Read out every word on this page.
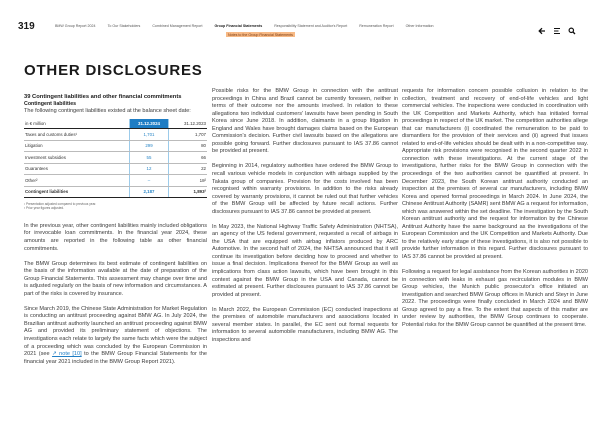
319	BMW Group Report 2024	To Our Stakeholders	Combined Management Report	Group Financial Statements	Responsibility Statement and Auditor's Report	Remuneration Report	Other Information
Notes to the Group Financial Statements
OTHER DISCLOSURES
39 Contingent liabilities and other financial commitments
Contingent liabilities

The following contingent liabilities existed at the balance sheet date:

in € million	31.12.2024	31.12.2023
Taxes and customs duties¹	1,701	1,707
Litigation	299	80
Investment subsidies	55	66
Guarantees	12	22
Other²	–	18²
Contingent liabilities	2,187	1,893²
¹ Presentation adjusted compared to previous year.
² Prior year figures adjusted.

In the previous year, other contingent liabilities mainly included obligations for irrevocable loan commitments. In the financial year 2024, these amounts are reported in the following table as other financial commitments.

The BMW Group determines its best estimate of contingent liabilities on the basis of the information available at the date of preparation of the Group Financial Statements. This assessment may change over time and is adjusted regularly on the basis of new information and circumstances. A part of the risks is covered by insurance.

Since March 2019, the Chinese State Administration for Market Regulation is conducting an antitrust proceeding against BMW AG. In July 2024, the Brazilian antitrust authority launched an antitrust proceeding against BMW AG and provided its preliminary statement of objections. The investigations each relate to largely the same facts which were the subject of a proceeding which was concluded by the European Commission in 2021 (see ↗ note [10] to the BMW Group Financial Statements for the financial year 2021 included in the BMW Group Report 2021).

Possible risks for the BMW Group in connection with the antitrust proceedings in China and Brazil cannot be currently foreseen, neither in terms of their outcome nor the amounts involved. In relation to these allegations two individual customers' lawsuits have been pending in South Korea since June 2018. In addition, claimants in a group litigation in England and Wales have brought damages claims based on the European Commission's decision. Further civil lawsuits based on the allegations are possible going forward. Further disclosures pursuant to IAS 37.86 cannot be provided at present.

Beginning in 2014, regulatory authorities have ordered the BMW Group to recall various vehicle models in conjunction with airbags supplied by the Takata group of companies. Provision for the costs involved has been recognised within warranty provisions. In addition to the risks already covered by warranty provisions, it cannot be ruled out that further vehicles of the BMW Group will be affected by future recall actions. Further disclosures pursuant to IAS 37.86 cannot be provided at present.

In May 2023, the National Highway Traffic Safety Administration (NHTSA), an agency of the US federal government, requested a recall of airbags in the USA that are equipped with airbag inflators produced by ARC Automotive. In the second half of 2024, the NHTSA announced that it will continue its investigation before deciding how to proceed and whether to issue a final decision. Implications thereof for the BMW Group as well as implications from class action lawsuits, which have been brought in this context against the BMW Group in the USA and Canada, cannot be estimated at present. Further disclosures pursuant to IAS 37.86 cannot be provided at present.

In March 2022, the European Commission (EC) conducted inspections at the premises of automobile manufacturers and associations located in several member states. In parallel, the EC sent out formal requests for information to several automobile manufacturers, including BMW AG. The inspections and

requests for information concern possible collusion in relation to the collection, treatment and recovery of end-of-life vehicles and light commercial vehicles. The inspections were conducted in coordination with the UK Competition and Markets Authority, which has initiated formal proceedings in respect of the UK market. The competition authorities allege that car manufacturers (i) coordinated the remuneration to be paid to dismantlers for the provision of their services and (ii) agreed that issues related to end-of-life vehicles should be dealt with in a non-competitive way. Appropriate risk provisions were recognised in the second quarter 2022 in connection with these investigations. At the current stage of the investigations, further risks for the BMW Group in connection with the proceedings of the two authorities cannot be quantified at present. In December 2023, the South Korean antitrust authority conducted an inspection at the premises of several car manufacturers, including BMW Korea and opened formal proceedings in March 2024. In June 2024, the Chinese Antitrust Authority (SAMR) sent BMW AG a request for information, which was answered within the set deadline. The investigation by the South Korean antitrust authority and the request for information by the Chinese Antitrust Authority have the same background as the investigations of the European Commission and the UK Competition and Markets Authority. Due to the relatively early stage of these investigations, it is also not possible to provide further information in this regard. Further disclosures pursuant to IAS 37.86 cannot be provided at present.

Following a request for legal assistance from the Korean authorities in 2020 in connection with leaks in exhaust gas recirculation modules in BMW Group vehicles, the Munich public prosecutor's office initiated an investigation and searched BMW Group offices in Munich and Steyr in June 2022. The proceedings were finally concluded in March 2024 and BMW Group agreed to pay a fine. To the extent that aspects of this matter are under review by authorities, the BMW Group continues to cooperate. Potential risks for the BMW Group cannot be quantified at the present time.
